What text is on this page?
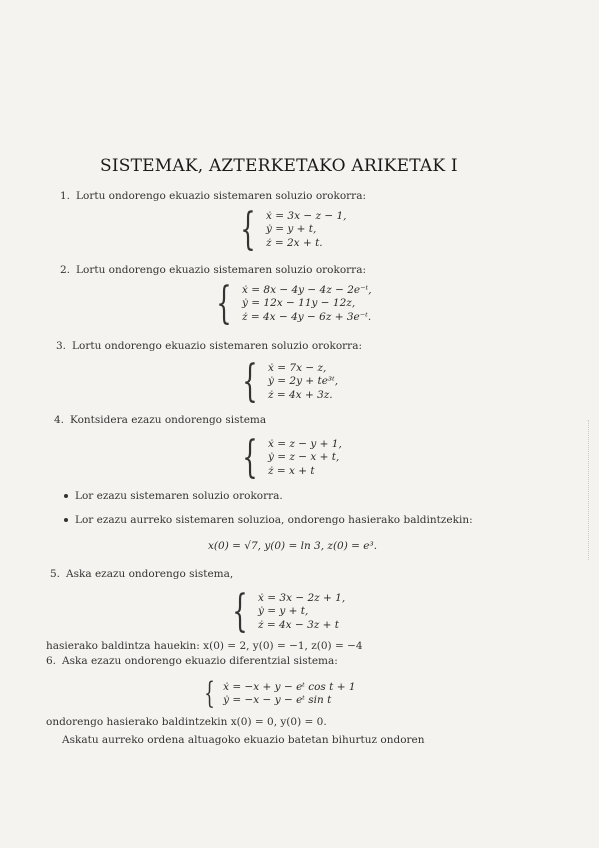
SISTEMAK, AZTERKETAKO ARIKETAK I
1. Lortu ondorengo ekuazio sistemaren soluzio orokorra:
{ ẋ = 3x − z − 1,
ẏ = y + t,
ż = 2x + t.
2. Lortu ondorengo ekuazio sistemaren soluzio orokorra:
{ ẋ = 8x − 4y − 4z − 2e⁻ᵗ,
ẏ = 12x − 11y − 12z,
ż = 4x − 4y − 6z + 3e⁻ᵗ.
3. Lortu ondorengo ekuazio sistemaren soluzio orokorra:
{ ẋ = 7x − z,
ẏ = 2y + te³ᵗ,
ż = 4x + 3z.
4. Kontsidera ezazu ondorengo sistema
{ ẋ = z − y + 1,
ẏ = z − x + t,
ż = x + t
Lor ezazu sistemaren soluzio orokorra.
Lor ezazu aurreko sistemaren soluzioa, ondorengo hasierako baldintzekin:
x(0) = √7, y(0) = ln 3, z(0) = e³.
5. Aska ezazu ondorengo sistema,
{ ẋ = 3x − 2z + 1,
ẏ = y + t,
ż = 4x − 3z + t
hasierako baldintza hauekin: x(0) = 2, y(0) = −1, z(0) = −4
6. Aska ezazu ondorengo ekuazio diferentzial sistema:
{ ẋ = −x + y − eᵗ cos t + 1
ẏ = −x − y − eᵗ sin t
ondorengo hasierako baldintzekin x(0) = 0, y(0) = 0.
Askatu aurreko ordena altuagoko ekuazio batetan bihurtuz ondoren
